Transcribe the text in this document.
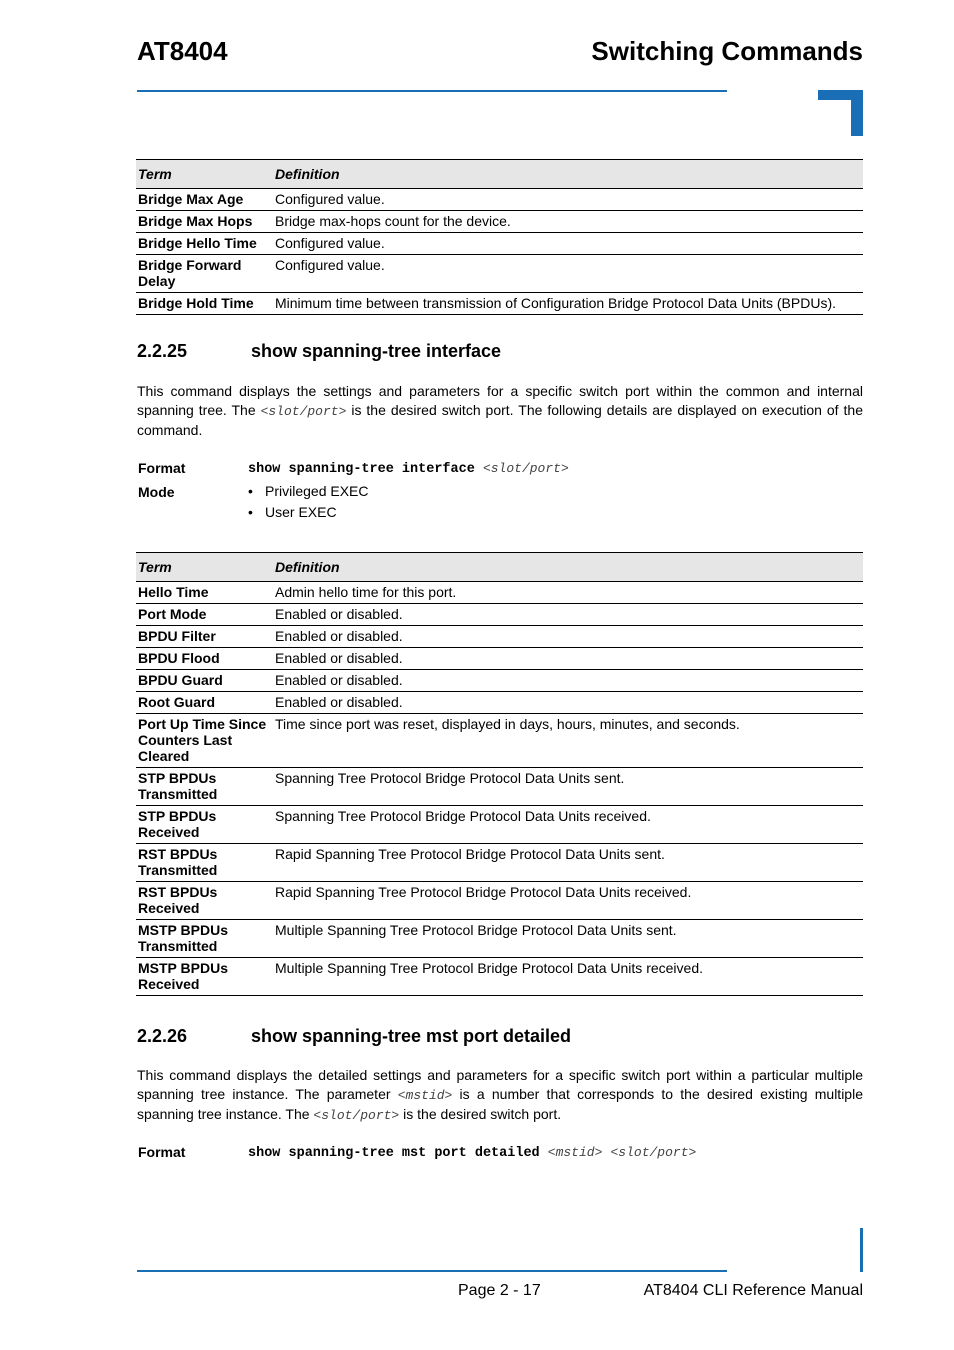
AT8404	Switching Commands
Term	Definition
Bridge Max Age	Configured value.
Bridge Max Hops	Bridge max-hops count for the device.
Bridge Hello Time	Configured value.
Bridge Forward Delay	Configured value.
Bridge Hold Time	Minimum time between transmission of Configuration Bridge Protocol Data Units (BPDUs).
2.2.25	show spanning-tree interface
This command displays the settings and parameters for a specific switch port within the common and internal spanning tree. The <slot/port> is the desired switch port. The following details are displayed on execution of the command.
Format	show spanning-tree interface <slot/port>
Mode	• Privileged EXEC
• User EXEC
Term	Definition
Hello Time	Admin hello time for this port.
Port Mode	Enabled or disabled.
BPDU Filter	Enabled or disabled.
BPDU Flood	Enabled or disabled.
BPDU Guard	Enabled or disabled.
Root Guard	Enabled or disabled.
Port Up Time Since Counters Last Cleared	Time since port was reset, displayed in days, hours, minutes, and seconds.
STP BPDUs Transmitted	Spanning Tree Protocol Bridge Protocol Data Units sent.
STP BPDUs Received	Spanning Tree Protocol Bridge Protocol Data Units received.
RST BPDUs Transmitted	Rapid Spanning Tree Protocol Bridge Protocol Data Units sent.
RST BPDUs Received	Rapid Spanning Tree Protocol Bridge Protocol Data Units received.
MSTP BPDUs Transmitted	Multiple Spanning Tree Protocol Bridge Protocol Data Units sent.
MSTP BPDUs Received	Multiple Spanning Tree Protocol Bridge Protocol Data Units received.
2.2.26	show spanning-tree mst port detailed
This command displays the detailed settings and parameters for a specific switch port within a particular multiple spanning tree instance. The parameter <mstid> is a number that corresponds to the desired existing multiple spanning tree instance. The <slot/port> is the desired switch port.
Format	show spanning-tree mst port detailed <mstid> <slot/port>
Page 2 - 17	AT8404 CLI Reference Manual
